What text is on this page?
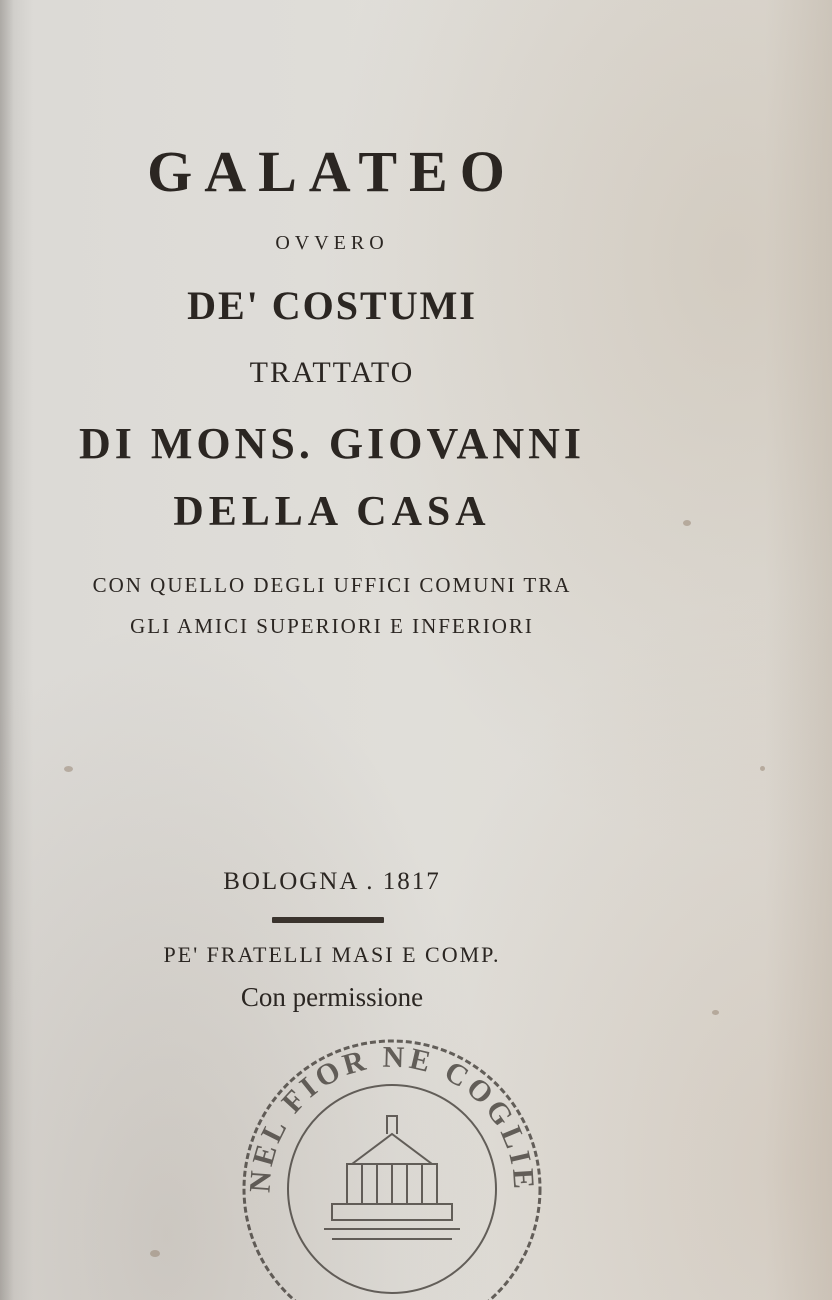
GALATEO
OVVERO
DE' COSTUMI
TRATTATO
DI MONS. GIOVANNI
DELLA CASA
CON QUELLO DEGLI UFFICI COMUNI TRA
GLI AMICI SUPERIORI E INFERIORI
BOLOGNA . 1817
PE' FRATELLI MASI E COMP.
Con permissione
NEL FIOR NE COGLIE
